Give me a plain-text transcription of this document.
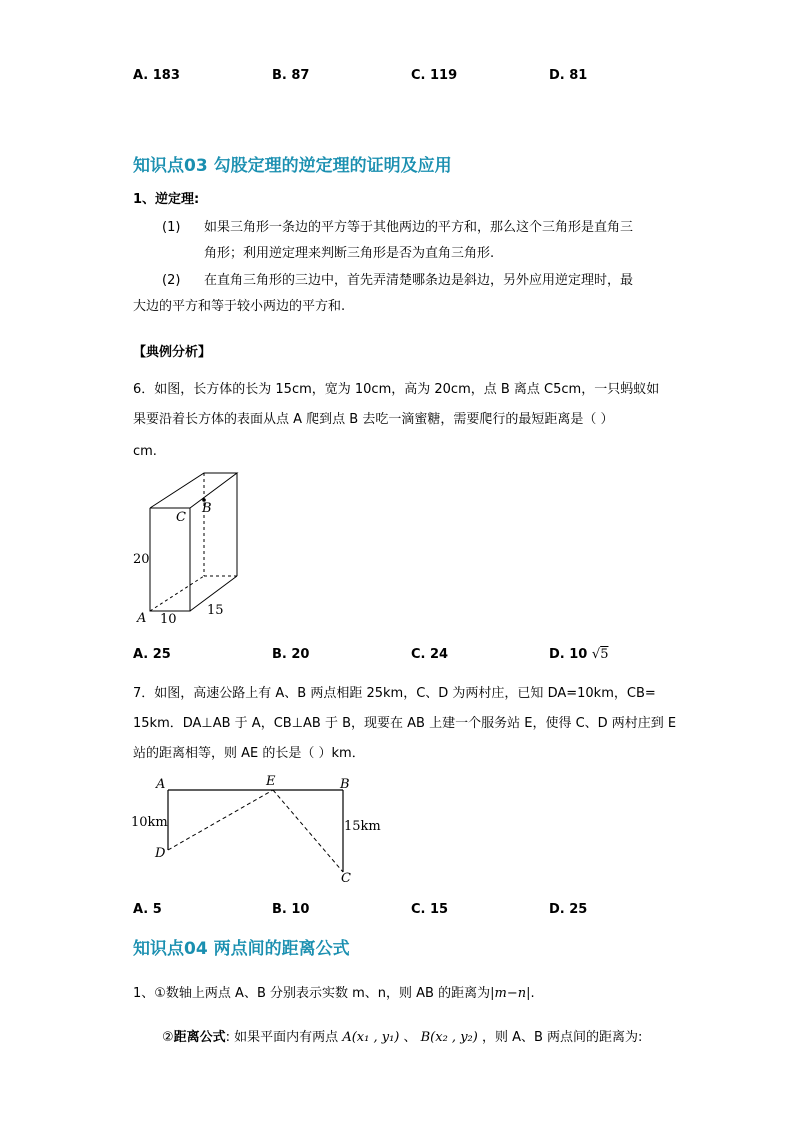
A. 183	B. 87	C. 119	D. 81
知识点03 勾股定理的逆定理的证明及应用
1、逆定理:
(1) 如果三角形一条边的平方等于其他两边的平方和，那么这个三角形是直角三
角形；利用逆定理来判断三角形是否为直角三角形.
(2) 在直角三角形的三边中，首先弄清楚哪条边是斜边，另外应用逆定理时，最
大边的平方和等于较小两边的平方和.
【典例分析】
6．如图，长方体的长为 15cm，宽为 10cm，高为 20cm，点 B 离点 C5cm，一只蚂蚁如
果要沿着长方体的表面从点 A 爬到点 B 去吃一滴蜜糖，需要爬行的最短距离是（ ）
cm.
C
B
20
A 10
15
A. 25	B. 20	C. 24	D. 10 √5
7．如图，高速公路上有 A、B 两点相距 25km，C、D 为两村庄，已知 DA=10km，CB=
15km．DA⊥AB 于 A，CB⊥AB 于 B，现要在 AB 上建一个服务站 E，使得 C、D 两村庄到 E
站的距离相等，则 AE 的长是（ ）km．
A	E	B
10km	15km
D
C
A. 5	B. 10	C. 15	D. 25
知识点04 两点间的距离公式
1、①数轴上两点 A、B 分别表示实数 m、n，则 AB 的距离为|m−n|.
②距离公式: 如果平面内有两点 A(x₁ , y₁) 、 B(x₂ , y₂) ，则 A、B 两点间的距离为:
